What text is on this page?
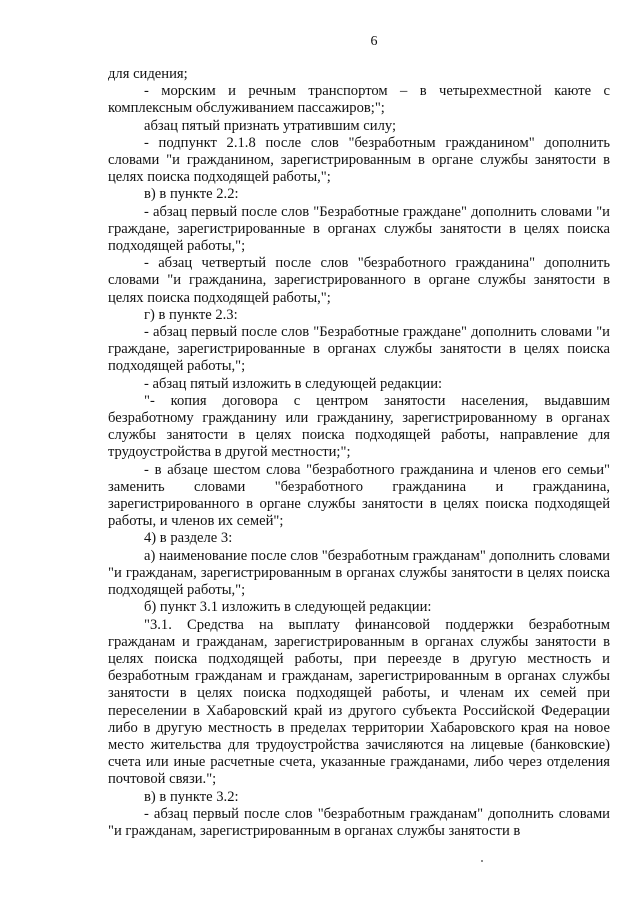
6

для сидения;

- морским и речным транспортом – в четырехместной каюте с комплексным обслуживанием пассажиров;";

абзац пятый признать утратившим силу;

- подпункт 2.1.8 после слов "безработным гражданином" дополнить словами "и гражданином, зарегистрированным в органе службы занятости в целях поиска подходящей работы,";

в) в пункте 2.2:

- абзац первый после слов "Безработные граждане" дополнить словами "и граждане, зарегистрированные в органах службы занятости в целях поиска подходящей работы,";

- абзац четвертый после слов "безработного гражданина" дополнить словами "и гражданина, зарегистрированного в органе службы занятости в целях поиска подходящей работы,";

г) в пункте 2.3:

- абзац первый после слов "Безработные граждане" дополнить словами "и граждане, зарегистрированные в органах службы занятости в целях поиска подходящей работы,";

- абзац пятый изложить в следующей редакции:

"- копия договора с центром занятости населения, выдавшим безработному гражданину или гражданину, зарегистрированному в органах службы занятости в целях поиска подходящей работы, направление для трудоустройства в другой местности;";

- в абзаце шестом слова "безработного гражданина и членов его семьи" заменить словами "безработного гражданина и гражданина, зарегистрированного в органе службы занятости в целях поиска подходящей работы, и членов их семей";

4) в разделе 3:

а) наименование после слов "безработным гражданам" дополнить словами "и гражданам, зарегистрированным в органах службы занятости в целях поиска подходящей работы,";

б) пункт 3.1 изложить в следующей редакции:

"3.1. Средства на выплату финансовой поддержки безработным гражданам и гражданам, зарегистрированным в органах службы занятости в целях поиска подходящей работы, при переезде в другую местность и безработным гражданам и гражданам, зарегистрированным в органах службы занятости в целях поиска подходящей работы, и членам их семей при переселении в Хабаровский край из другого субъекта Российской Федерации либо в другую местность в пределах территории Хабаровского края на новое место жительства для трудоустройства зачисляются на лицевые (банковские) счета или иные расчетные счета, указанные гражданами, либо через отделения почтовой связи.";

в) в пункте 3.2:

- абзац первый после слов "безработным гражданам" дополнить словами "и гражданам, зарегистрированным в органах службы занятости в
